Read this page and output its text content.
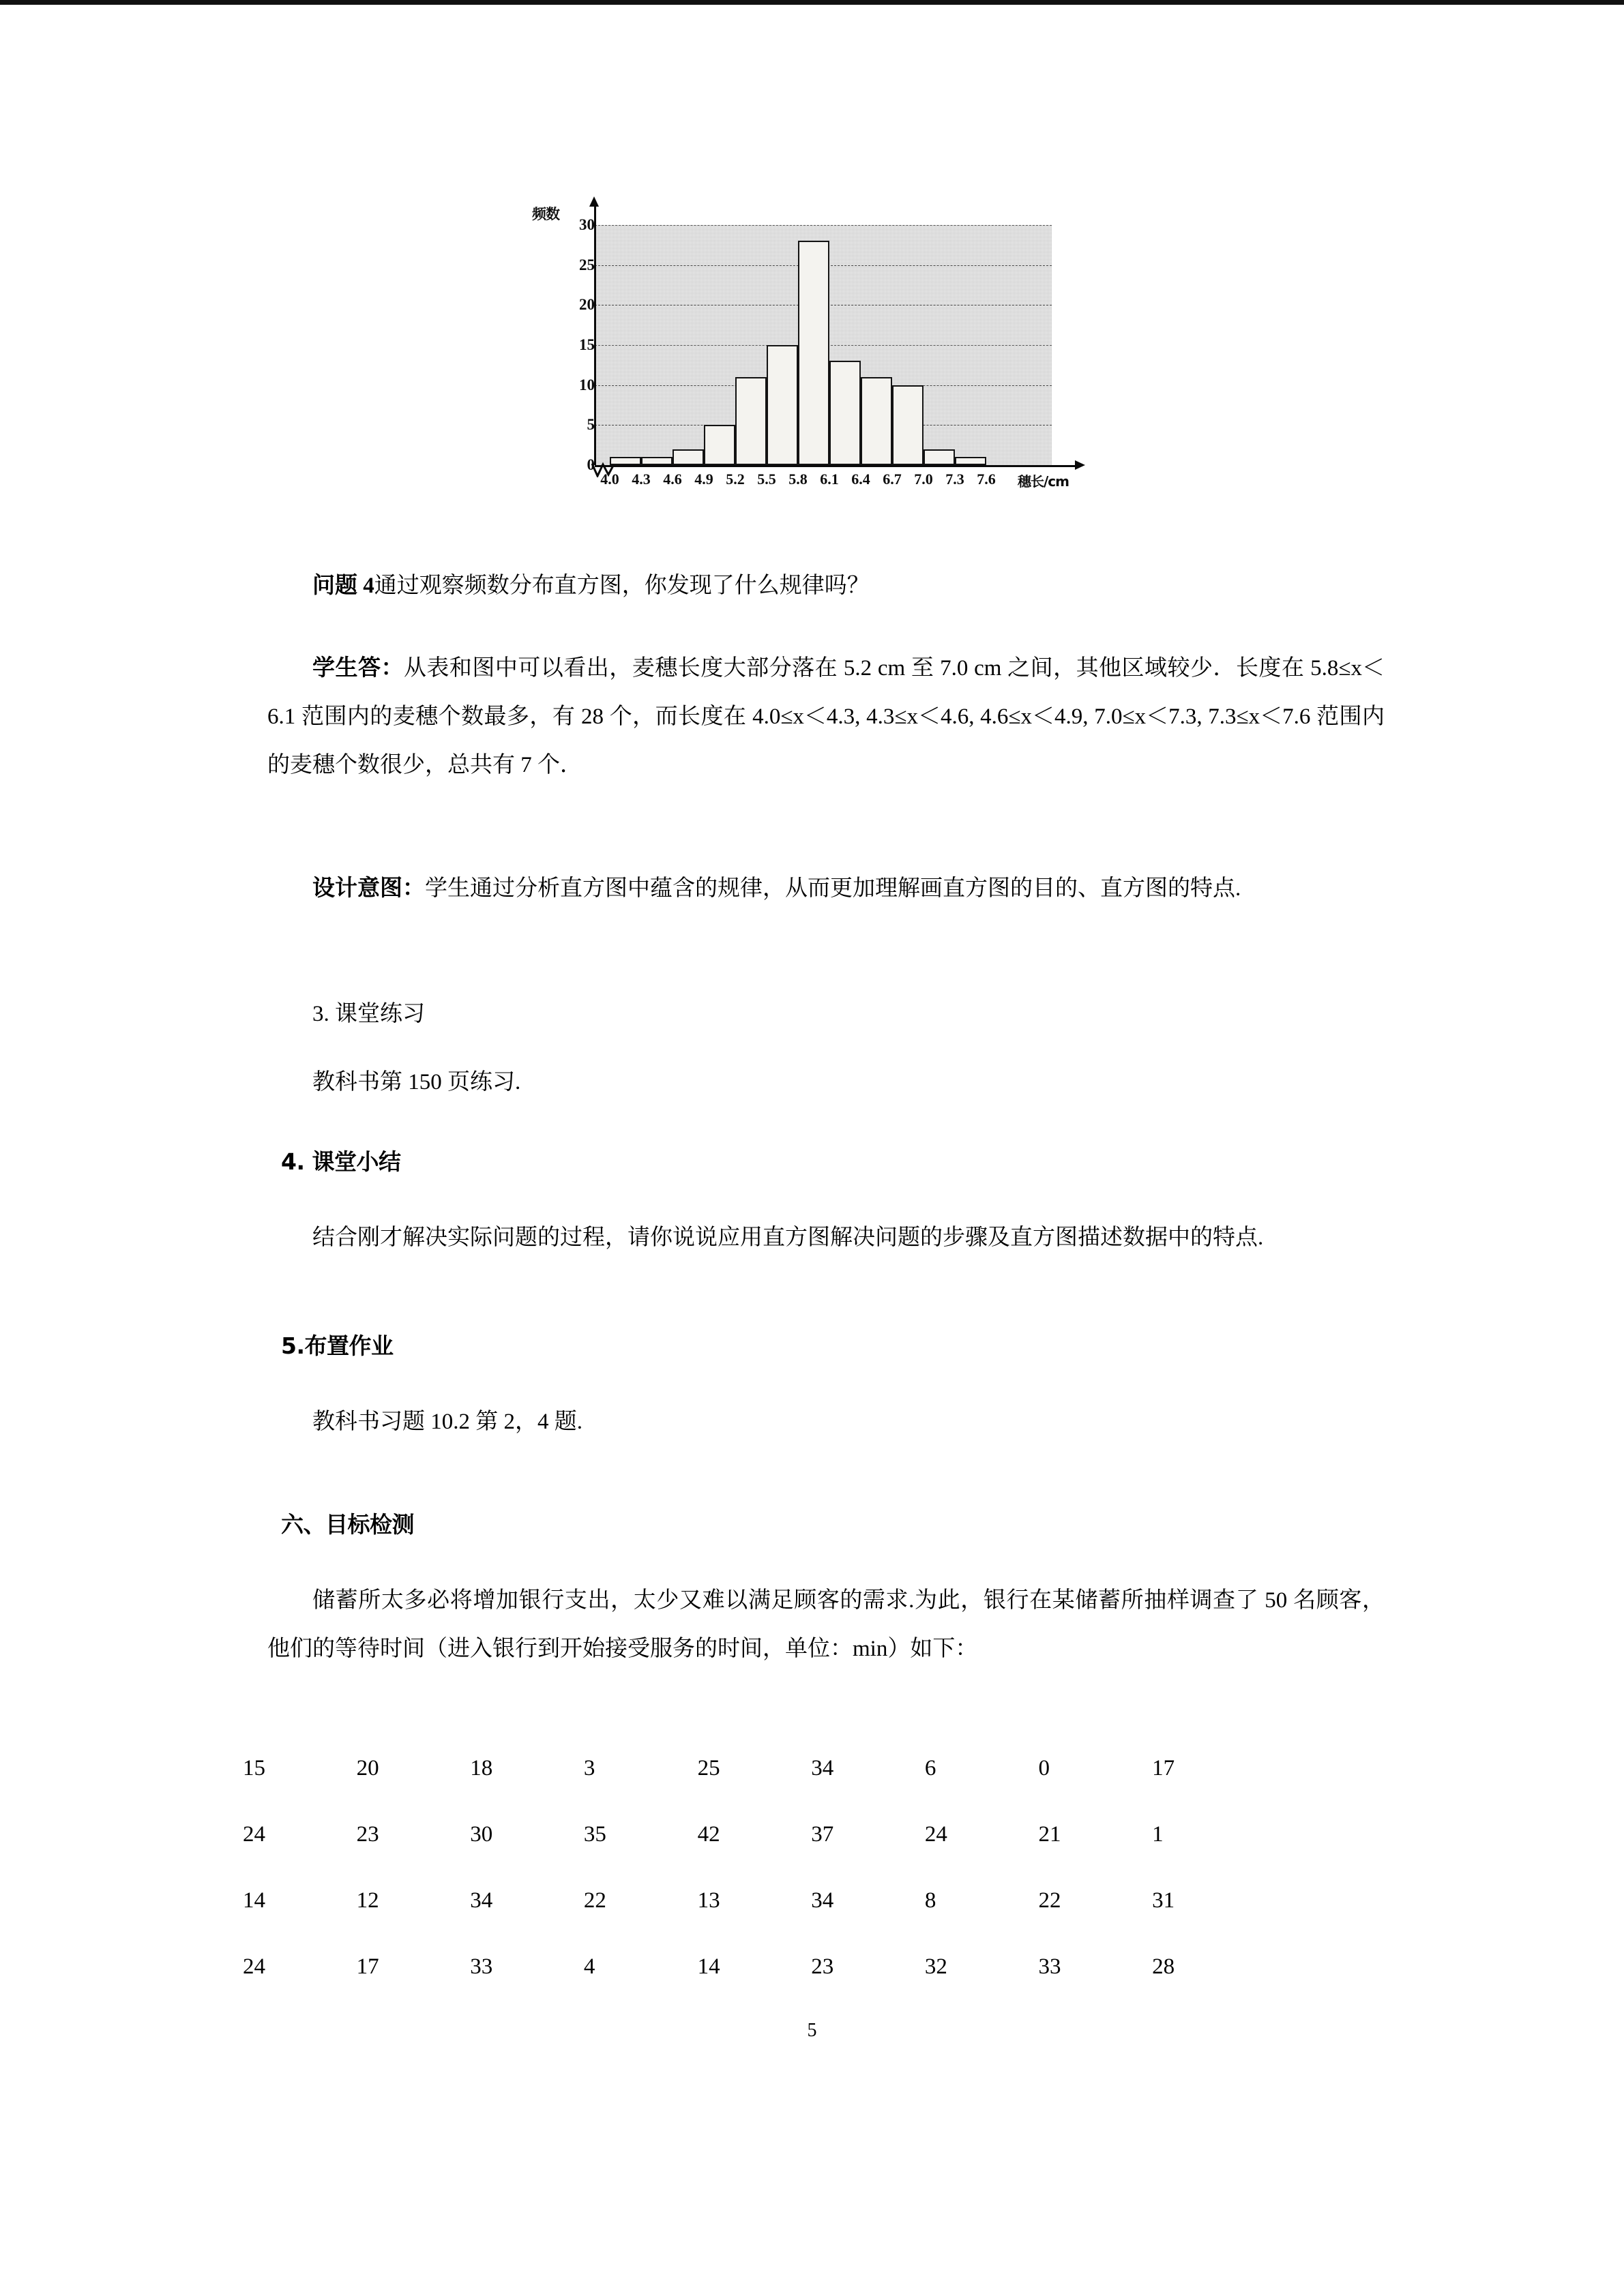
频数
穗长/cm
0
5
10
15
20
25
30
4.0 4.3 4.6 4.9 5.2 5.5 5.8 6.1 6.4 6.7 7.0 7.3 7.6

问题 4通过观察频数分布直方图，你发现了什么规律吗？

学生答：从表和图中可以看出，麦穗长度大部分落在 5.2 cm 至 7.0 cm 之间，其他区域较少．长度在 5.8≤x＜6.1 范围内的麦穗个数最多，有 28 个，而长度在 4.0≤x＜4.3, 4.3≤x＜4.6, 4.6≤x＜4.9, 7.0≤x＜7.3, 7.3≤x＜7.6 范围内的麦穗个数很少，总共有 7 个．

设计意图：学生通过分析直方图中蕴含的规律，从而更加理解画直方图的目的、直方图的特点.

3. 课堂练习

教科书第 150 页练习.

4. 课堂小结

结合刚才解决实际问题的过程，请你说说应用直方图解决问题的步骤及直方图描述数据中的特点.

5.布置作业

教科书习题 10.2 第 2，4 题.

六、目标检测

储蓄所太多必将增加银行支出，太少又难以满足顾客的需求.为此，银行在某储蓄所抽样调查了 50 名顾客，他们的等待时间（进入银行到开始接受服务的时间，单位：min）如下：

15	20	18	3	25	34	6	0	17
24	23	30	35	42	37	24	21	1
14	12	34	22	13	34	8	22	31
24	17	33	4	14	23	32	33	28
5
